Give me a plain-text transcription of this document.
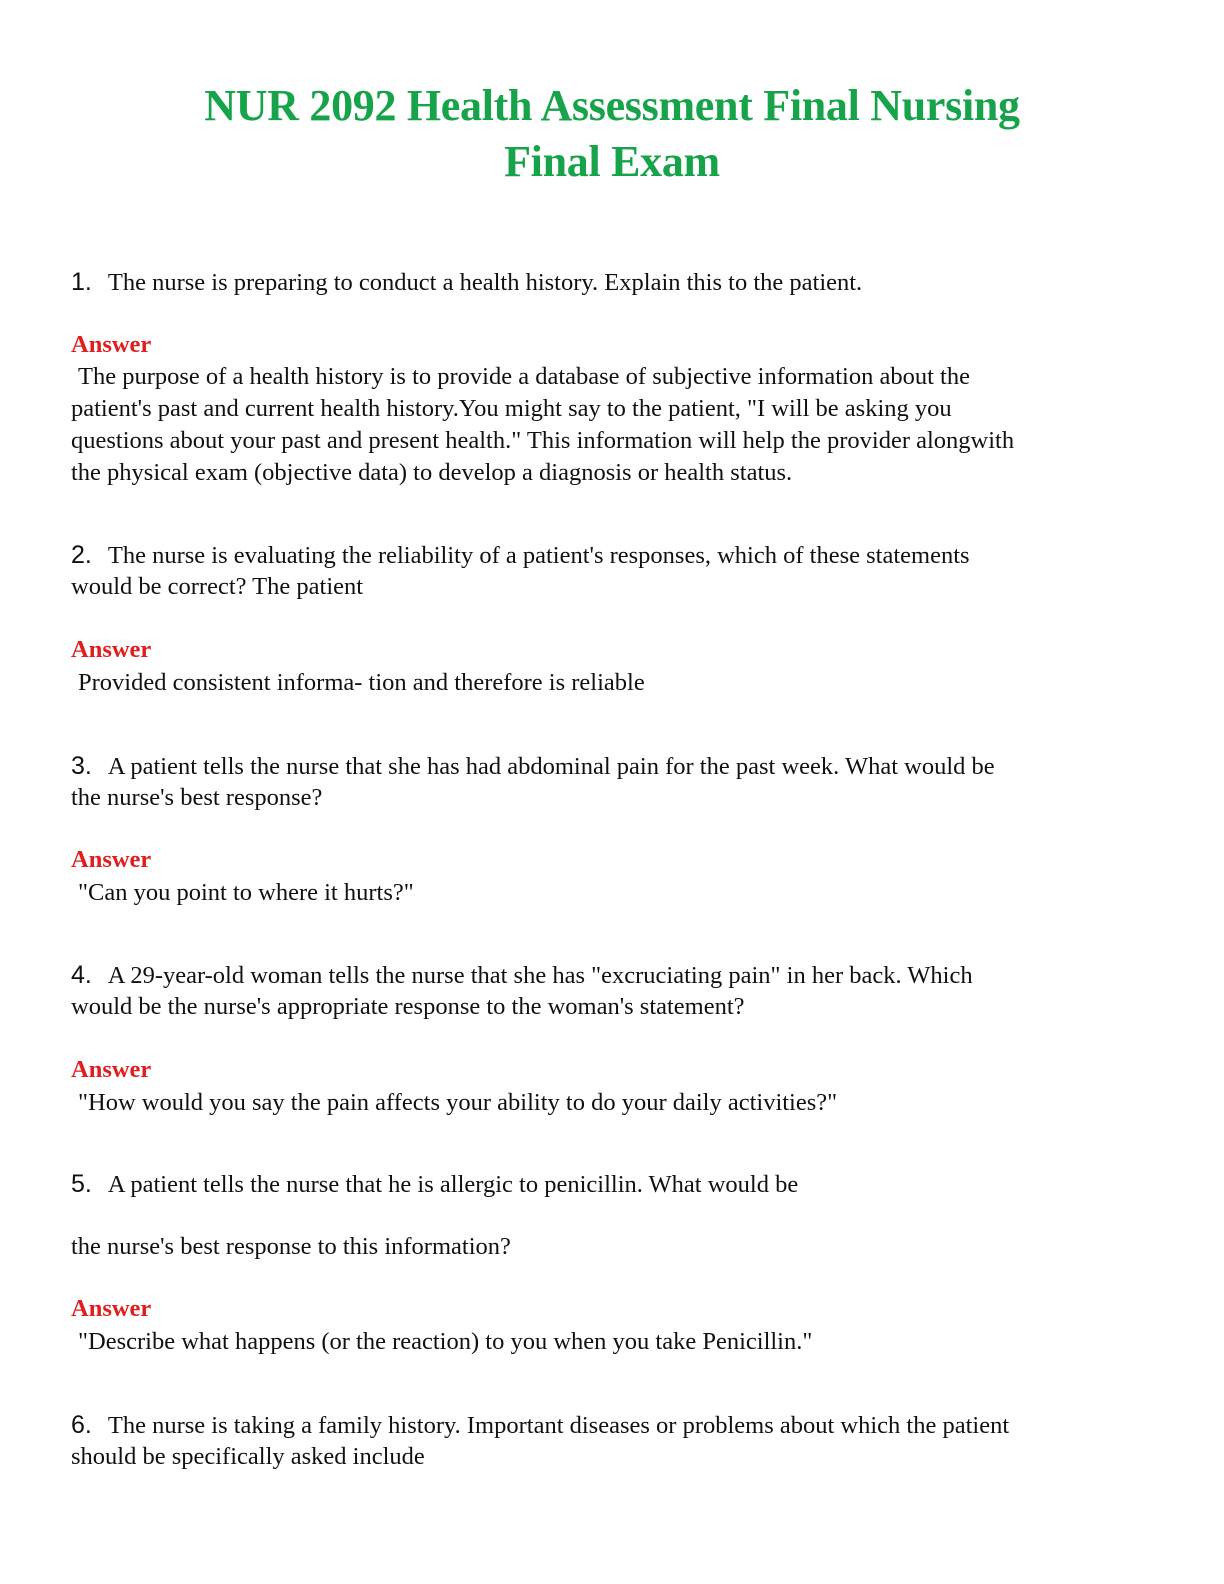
NUR 2092 Health Assessment Final Nursing
Final Exam
1. The nurse is preparing to conduct a health history. Explain this to the patient.
Answer
The purpose of a health history is to provide a database of subjective information about the
patient's past and current health history.You might say to the patient, "I will be asking you
questions about your past and present health." This information will help the provider alongwith
the physical exam (objective data) to develop a diagnosis or health status.
2. The nurse is evaluating the reliability of a patient's responses, which of these statements
would be correct? The patient
Answer
Provided consistent informa- tion and therefore is reliable
3. A patient tells the nurse that she has had abdominal pain for the past week. What would be
the nurse's best response?
Answer
"Can you point to where it hurts?"
4. A 29-year-old woman tells the nurse that she has "excruciating pain" in her back. Which
would be the nurse's appropriate response to the woman's statement?
Answer
"How would you say the pain affects your ability to do your daily activities?"
5. A patient tells the nurse that he is allergic to penicillin. What would be
the nurse's best response to this information?
Answer
"Describe what happens (or the reaction) to you when you take Penicillin."
6. The nurse is taking a family history. Important diseases or problems about which the patient
should be specifically asked include
